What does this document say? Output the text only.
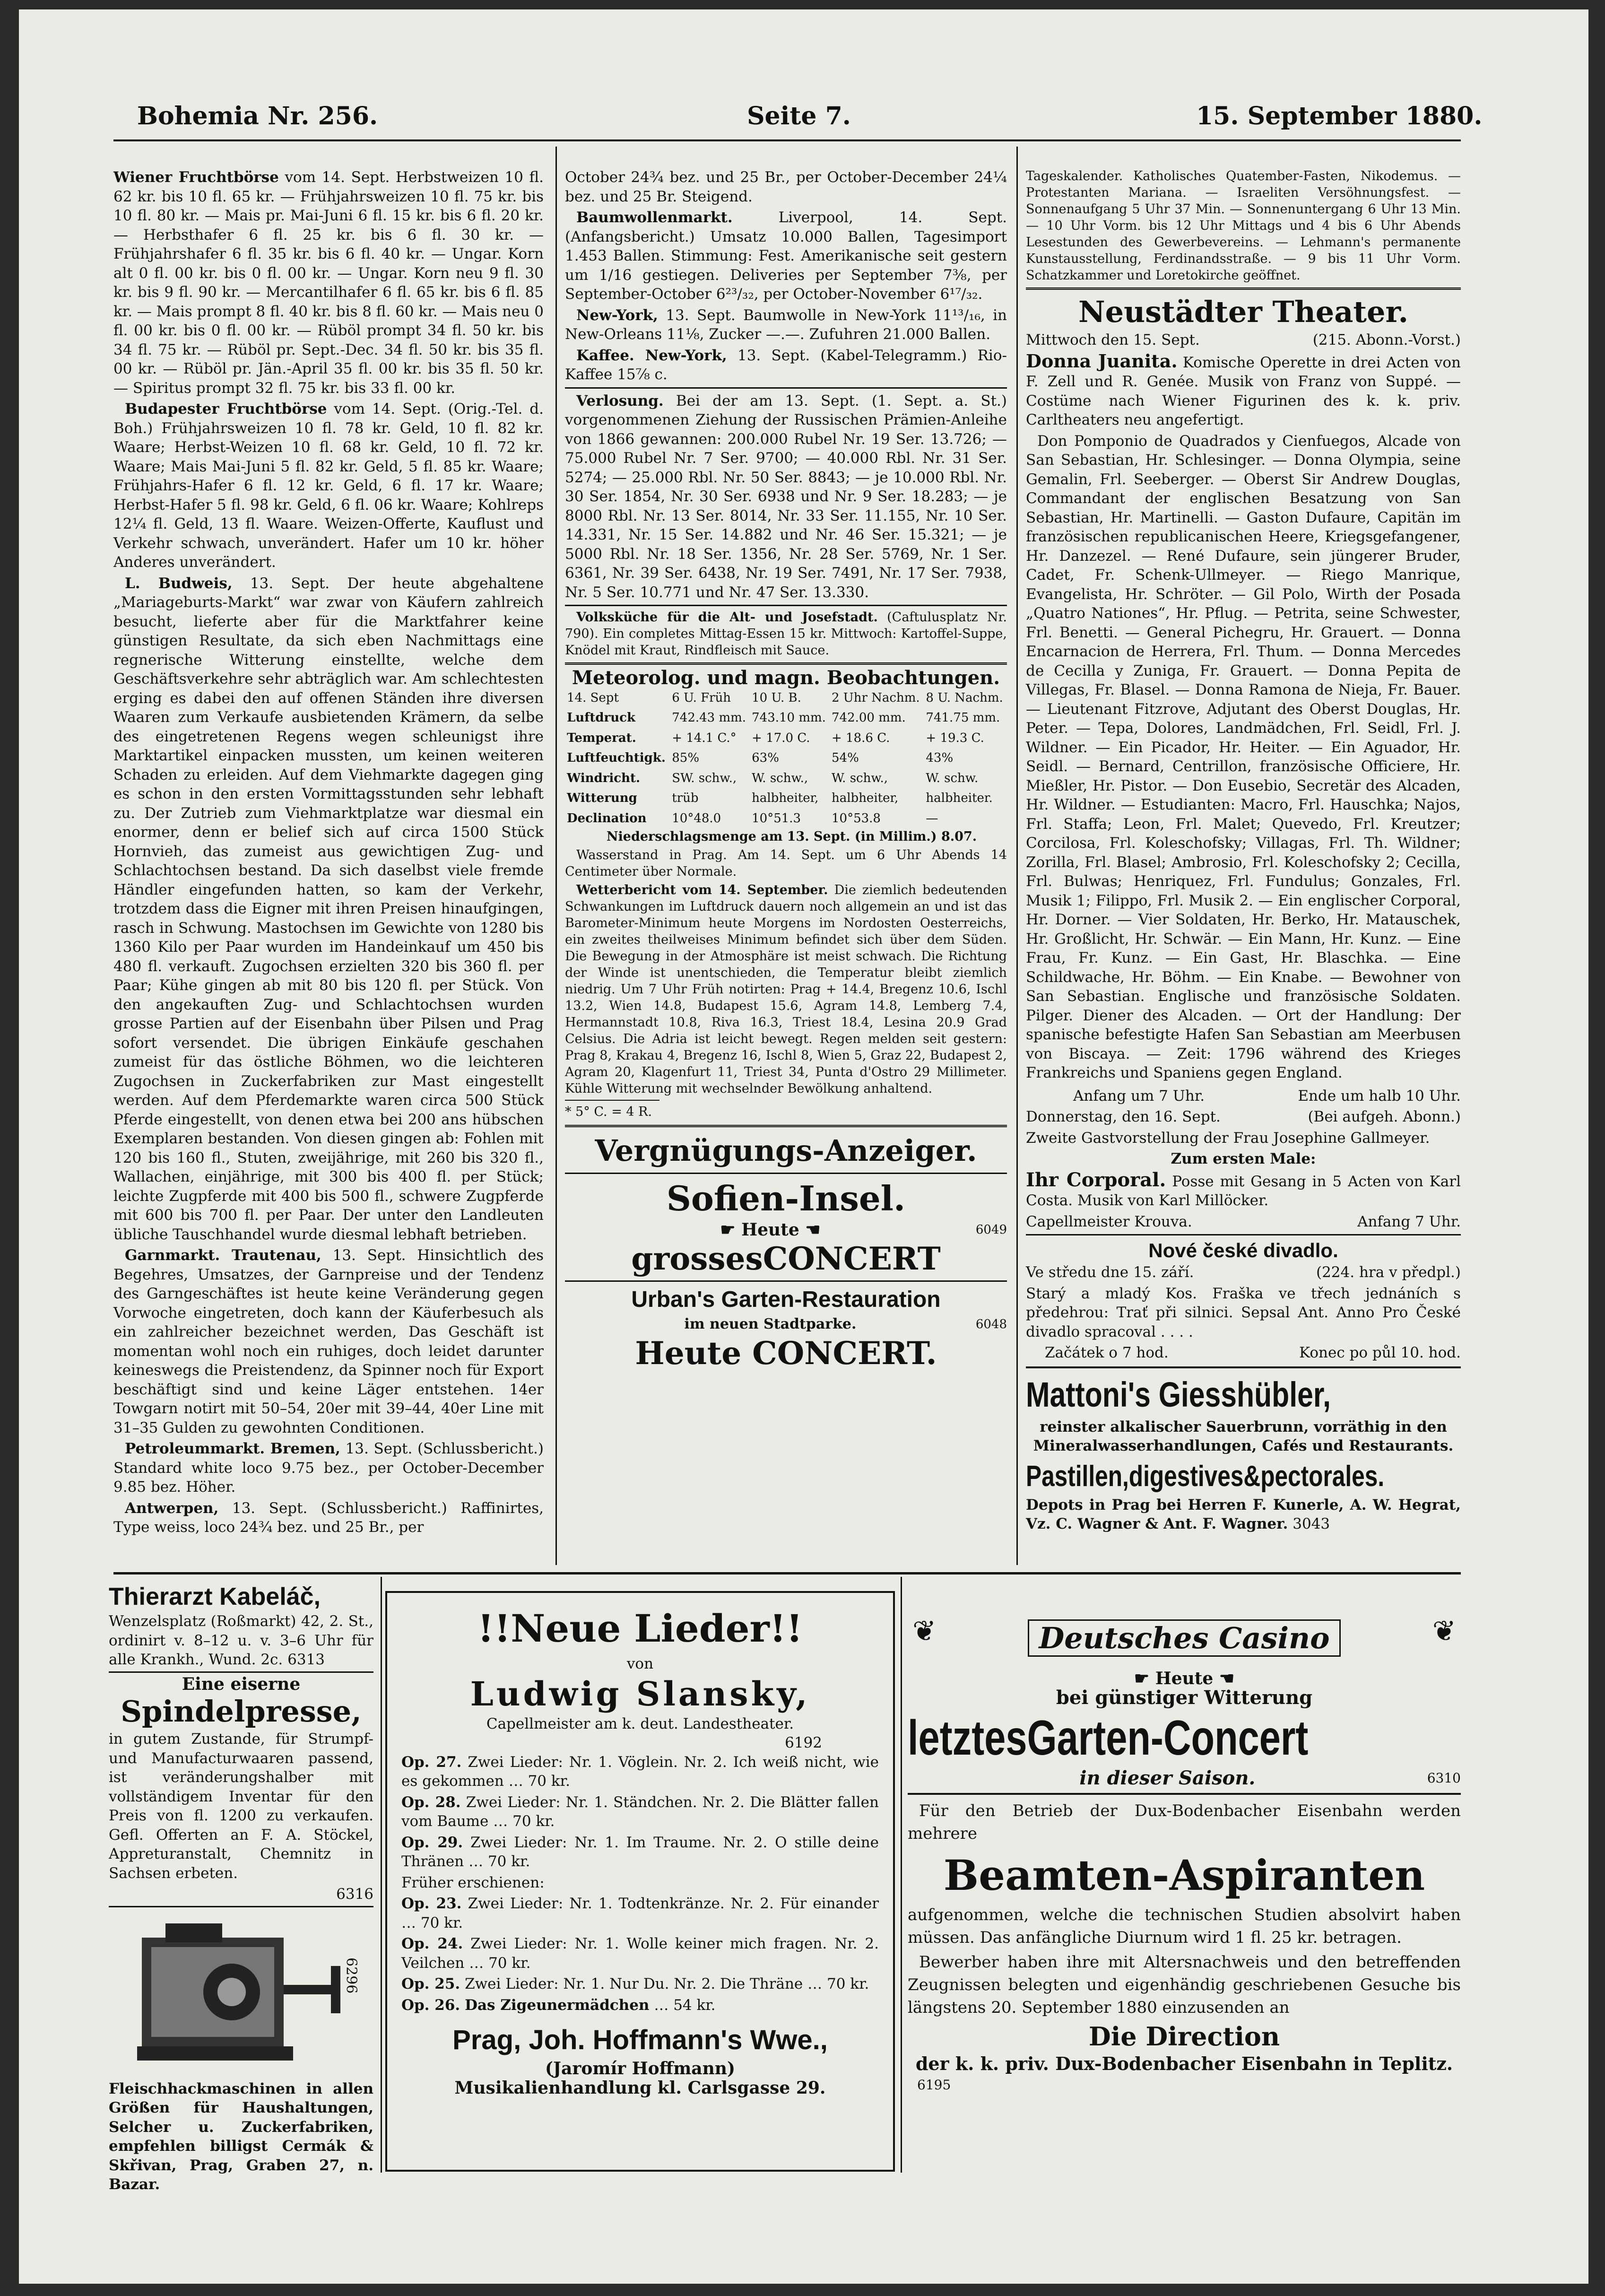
Bohemia Nr. 256.	Seite 7.	15. September 1880.

Wiener Fruchtbörse vom 14. Sept. Herbstweizen 10 fl. 62 kr. bis 10 fl. 65 kr. — Frühjahrsweizen 10 fl. 75 kr. bis 10 fl. 80 kr. — Mais pr. Mai-Juni 6 fl. 15 kr. bis 6 fl. 20 kr. — Herbsthafer 6 fl. 25 kr. bis 6 fl. 30 kr. — Frühjahrshafer 6 fl. 35 kr. bis 6 fl. 40 kr. — Ungar. Korn alt 0 fl. 00 kr. bis 0 fl. 00 kr. — Ungar. Korn neu 9 fl. 30 kr. bis 9 fl. 90 kr. — Mercantilhafer 6 fl. 65 kr. bis 6 fl. 85 kr. — Mais prompt 8 fl. 40 kr. bis 8 fl. 60 kr. — Mais neu 0 fl. 00 kr. bis 0 fl. 00 kr. — Rüböl prompt 34 fl. 50 kr. bis 34 fl. 75 kr. — Rüböl pr. Sept.-Dec. 34 fl. 50 kr. bis 35 fl. 00 kr. — Rüböl pr. Jän.-April 35 fl. 00 kr. bis 35 fl. 50 kr. — Spiritus prompt 32 fl. 75 kr. bis 33 fl. 00 kr.

Budapester Fruchtbörse vom 14. Sept. (Orig.-Tel. d. Boh.) Frühjahrsweizen 10 fl. 78 kr. Geld, 10 fl. 82 kr. Waare; Herbst-Weizen 10 fl. 68 kr. Geld, 10 fl. 72 kr. Waare; Mais Mai-Juni 5 fl. 82 kr. Geld, 5 fl. 85 kr. Waare; Frühjahrs-Hafer 6 fl. 12 kr. Geld, 6 fl. 17 kr. Waare; Herbst-Hafer 5 fl. 98 kr. Geld, 6 fl. 06 kr. Waare; Kohlreps 12¼ fl. Geld, 13 fl. Waare. Weizen-Offerte, Kauflust und Verkehr schwach, unverändert. Hafer um 10 kr. höher Anderes unverändert.

L. Budweis, 13. Sept. Der heute abgehaltene „Mariageburts-Markt“ war zwar von Käufern zahlreich besucht, lieferte aber für die Marktfahrer keine günstigen Resultate, da sich eben Nachmittags eine regnerische Witterung einstellte, welche dem Geschäftsverkehre sehr abträglich war. Am schlechtesten erging es dabei den auf offenen Ständen ihre diversen Waaren zum Verkaufe ausbietenden Krämern, da selbe des eingetretenen Regens wegen schleunigst ihre Marktartikel einpacken mussten, um keinen weiteren Schaden zu erleiden. Auf dem Viehmarkte dagegen ging es schon in den ersten Vormittagsstunden sehr lebhaft zu. Der Zutrieb zum Viehmarktplatze war diesmal ein enormer, denn er belief sich auf circa 1500 Stück Hornvieh, das zumeist aus gewichtigen Zug- und Schlachtochsen bestand. Da sich daselbst viele fremde Händler eingefunden hatten, so kam der Verkehr, trotzdem dass die Eigner mit ihren Preisen hinaufgingen, rasch in Schwung. Mastochsen im Gewichte von 1280 bis 1360 Kilo per Paar wurden im Handeinkauf um 450 bis 480 fl. verkauft. Zugochsen erzielten 320 bis 360 fl. per Paar; Kühe gingen ab mit 80 bis 120 fl. per Stück. Von den angekauften Zug- und Schlachtochsen wurden grosse Partien auf der Eisenbahn über Pilsen und Prag sofort versendet. Die übrigen Einkäufe geschahen zumeist für das östliche Böhmen, wo die leichteren Zugochsen in Zuckerfabriken zur Mast eingestellt werden. Auf dem Pferdemarkte waren circa 500 Stück Pferde eingestellt, von denen etwa bei 200 ans hübschen Exemplaren bestanden. Von diesen gingen ab: Fohlen mit 120 bis 160 fl., Stuten, zweijährige, mit 260 bis 320 fl., Wallachen, einjährige, mit 300 bis 400 fl. per Stück; leichte Zugpferde mit 400 bis 500 fl., schwere Zugpferde mit 600 bis 700 fl. per Paar. Der unter den Landleuten übliche Tauschhandel wurde diesmal lebhaft betrieben.

Garnmarkt. Trautenau, 13. Sept. Hinsichtlich des Begehres, Umsatzes, der Garnpreise und der Tendenz des Garngeschäftes ist heute keine Veränderung gegen Vorwoche eingetreten, doch kann der Käuferbesuch als ein zahlreicher bezeichnet werden, Das Geschäft ist momentan wohl noch ein ruhiges, doch leidet darunter keineswegs die Preistendenz, da Spinner noch für Export beschäftigt sind und keine Läger entstehen. 14er Towgarn notirt mit 50–54, 20er mit 39–44, 40er Line mit 31–35 Gulden zu gewohnten Conditionen.

Petroleummarkt. Bremen, 13. Sept. (Schlussbericht.) Standard white loco 9.75 bez., per October-December 9.85 bez. Höher.

Antwerpen, 13. Sept. (Schlussbericht.) Raffinirtes, Type weiss, loco 24¾ bez. und 25 Br., per

October 24¾ bez. und 25 Br., per October-December 24¼ bez. und 25 Br. Steigend.

Baumwollenmarkt. Liverpool, 14. Sept. (Anfangsbericht.) Umsatz 10.000 Ballen, Tagesimport 1.453 Ballen. Stimmung: Fest. Amerikanische seit gestern um 1/16 gestiegen. Deliveries per September 7⅜, per September-October 6²³/₃₂, per October-November 6¹⁷/₃₂.

New-York, 13. Sept. Baumwolle in New-York 11¹³/₁₆, in New-Orleans 11⅛, Zucker —.—. Zufuhren 21.000 Ballen.

Kaffee. New-York, 13. Sept. (Kabel-Telegramm.) Rio-Kaffee 15⅞ c.

Verlosung. Bei der am 13. Sept. (1. Sept. a. St.) vorgenommenen Ziehung der Russischen Prämien-Anleihe von 1866 gewannen: 200.000 Rubel Nr. 19 Ser. 13.726; — 75.000 Rubel Nr. 7 Ser. 9700; — 40.000 Rbl. Nr. 31 Ser. 5274; — 25.000 Rbl. Nr. 50 Ser. 8843; — je 10.000 Rbl. Nr. 30 Ser. 1854, Nr. 30 Ser. 6938 und Nr. 9 Ser. 18.283; — je 8000 Rbl. Nr. 13 Ser. 8014, Nr. 33 Ser. 11.155, Nr. 10 Ser. 14.331, Nr. 15 Ser. 14.882 und Nr. 46 Ser. 15.321; — je 5000 Rbl. Nr. 18 Ser. 1356, Nr. 28 Ser. 5769, Nr. 1 Ser. 6361, Nr. 39 Ser. 6438, Nr. 19 Ser. 7491, Nr. 17 Ser. 7938, Nr. 5 Ser. 10.771 und Nr. 47 Ser. 13.330.

Volksküche für die Alt- und Josefstadt. (Caftulusplatz Nr. 790). Ein completes Mittag-Essen 15 kr. Mittwoch: Kartoffel-Suppe, Knödel mit Kraut, Rindfleisch mit Sauce.

Meteorolog. und magn. Beobachtungen.
14. Sept	6 U. Früh	10 U. B.	2 Uhr Nachm.	8 U. Nachm.
Luftdruck	742.43 mm.	743.10 mm.	742.00 mm.	741.75 mm.
Temperat.	+ 14.1 C.°	+ 17.0 C.	+ 18.6 C.	+ 19.3 C.
Luftfeuchtigk.	85%	63%	54%	43%
Windricht.	SW. schw.,	W. schw.,	W. schw.,	W. schw.
Witterung	trüb	halbheiter,	halbheiter,	halbheiter.
Declination	10°48.0	10°51.3	10°53.8	—

Niederschlagsmenge am 13. Sept. (in Millim.) 8.07.

Wasserstand in Prag. Am 14. Sept. um 6 Uhr Abends 14 Centimeter über Normale.

Wetterbericht vom 14. September. Die ziemlich bedeutenden Schwankungen im Luftdruck dauern noch allgemein an und ist das Barometer-Minimum heute Morgens im Nordosten Oesterreichs, ein zweites theilweises Minimum befindet sich über dem Süden. Die Bewegung in der Atmosphäre ist meist schwach. Die Richtung der Winde ist unentschieden, die Temperatur bleibt ziemlich niedrig. Um 7 Uhr Früh notirten: Prag + 14.4, Bregenz 10.6, Ischl 13.2, Wien 14.8, Budapest 15.6, Agram 14.8, Lemberg 7.4, Hermannstadt 10.8, Riva 16.3, Triest 18.4, Lesina 20.9 Grad Celsius. Die Adria ist leicht bewegt. Regen melden seit gestern: Prag 8, Krakau 4, Bregenz 16, Ischl 8, Wien 5, Graz 22, Budapest 2, Agram 20, Klagenfurt 11, Triest 34, Punta d'Ostro 29 Millimeter. Kühle Witterung mit wechselnder Bewölkung anhaltend.

* 5° C. = 4 R.

Vergnügungs-Anzeiger.
Sofien-Insel.
☛ Heute ☚	6049
grossesCONCERT
Urban's Garten-Restauration
im neuen Stadtparke.	6048
Heute CONCERT.

Tageskalender. Katholisches Quatember-Fasten, Nikodemus. — Protestanten Mariana. — Israeliten Versöhnungsfest. — Sonnenaufgang 5 Uhr 37 Min. — Sonnenuntergang 6 Uhr 13 Min. — 10 Uhr Vorm. bis 12 Uhr Mittags und 4 bis 6 Uhr Abends Lesestunden des Gewerbevereins. — Lehmann's permanente Kunstausstellung, Ferdinandsstraße. — 9 bis 11 Uhr Vorm. Schatzkammer und Loretokirche geöffnet.

Neustädter Theater.

Mittwoch den 15. Sept.	(215. Abonn.-Vorst.)

Donna Juanita. Komische Operette in drei Acten von F. Zell und R. Genée. Musik von Franz von Suppé. — Costüme nach Wiener Figurinen des k. k. priv. Carltheaters neu angefertigt.

Don Pomponio de Quadrados y Cienfuegos, Alcade von San Sebastian, Hr. Schlesinger. — Donna Olympia, seine Gemalin, Frl. Seeberger. — Oberst Sir Andrew Douglas, Commandant der englischen Besatzung von San Sebastian, Hr. Martinelli. — Gaston Dufaure, Capitän im französischen republicanischen Heere, Kriegsgefangener, Hr. Danzezel. — René Dufaure, sein jüngerer Bruder, Cadet, Fr. Schenk-Ullmeyer. — Riego Manrique, Evangelista, Hr. Schröter. — Gil Polo, Wirth der Posada „Quatro Nationes“, Hr. Pflug. — Petrita, seine Schwester, Frl. Benetti. — General Pichegru, Hr. Grauert. — Donna Encarnacion de Herrera, Frl. Thum. — Donna Mercedes de Cecilla y Zuniga, Fr. Grauert. — Donna Pepita de Villegas, Fr. Blasel. — Donna Ramona de Nieja, Fr. Bauer. — Lieutenant Fitzrove, Adjutant des Oberst Douglas, Hr. Peter. — Tepa, Dolores, Landmädchen, Frl. Seidl, Frl. J. Wildner. — Ein Picador, Hr. Heiter. — Ein Aguador, Hr. Seidl. — Bernard, Centrillon, französische Officiere, Hr. Mießler, Hr. Pistor. — Don Eusebio, Secretär des Alcaden, Hr. Wildner. — Estudianten: Macro, Frl. Hauschka; Najos, Frl. Staffa; Leon, Frl. Malet; Quevedo, Frl. Kreutzer; Corcilosa, Frl. Koleschofsky; Villagas, Frl. Th. Wildner; Zorilla, Frl. Blasel; Ambrosio, Frl. Koleschofsky 2; Cecilla, Frl. Bulwas; Henriquez, Frl. Fundulus; Gonzales, Frl. Musik 1; Filippo, Frl. Musik 2. — Ein englischer Corporal, Hr. Dorner. — Vier Soldaten, Hr. Berko, Hr. Matauschek, Hr. Großlicht, Hr. Schwär. — Ein Mann, Hr. Kunz. — Eine Frau, Fr. Kunz. — Ein Gast, Hr. Blaschka. — Eine Schildwache, Hr. Böhm. — Ein Knabe. — Bewohner von San Sebastian. Englische und französische Soldaten. Pilger. Diener des Alcaden. — Ort der Handlung: Der spanische befestigte Hafen San Sebastian am Meerbusen von Biscaya. — Zeit: 1796 während des Krieges Frankreichs und Spaniens gegen England.

Anfang um 7 Uhr.	Ende um halb 10 Uhr.

Donnerstag, den 16. Sept.	(Bei aufgeh. Abonn.)

Zweite Gastvorstellung der Frau Josephine Gallmeyer.

Zum ersten Male:

Ihr Corporal. Posse mit Gesang in 5 Acten von Karl Costa. Musik von Karl Millöcker.

Capellmeister Krouva.	Anfang 7 Uhr.

Nové české divadlo.

Ve středu dne 15. září.	(224. hra v předpl.)

Starý a mladý Kos. Fraška ve třech jednáních s předehrou: Trať při silnici. Sepsal Ant. Anno Pro České divadlo spracoval . . . .

Začátek o 7 hod.	Konec po půl 10. hod.

Mattoni's Giesshübler,

reinster alkalischer Sauerbrunn, vorräthig in den Mineralwasserhandlungen, Cafés und Restaurants.

Pastillen,digestives&pectorales.

Depots in Prag bei Herren F. Kunerle, A. W. Hegrat, Vz. C. Wagner & Ant. F. Wagner. 3043

Thierarzt Kabeláč,

Wenzelsplatz (Roßmarkt) 42, 2. St., ordinirt v. 8–12 u. v. 3–6 Uhr für alle Krankh., Wund. 2c. 6313

Eine eiserne
Spindelpresse,

in gutem Zustande, für Strumpf- und Manufacturwaaren passend, ist veränderungshalber mit vollständigem Inventar für den Preis von fl. 1200 zu verkaufen. Gefl. Offerten an F. A. Stöckel, Appreturanstalt, Chemnitz in Sachsen erbeten.

6316

6296

Fleischhackmaschinen in allen Größen für Haushaltungen, Selcher u. Zuckerfabriken, empfehlen billigst Cermák & Skřivan, Prag, Graben 27, n. Bazar.

!!Neue Lieder!!
von
Ludwig Slansky,
Capellmeister am k. deut. Landestheater.
6192

Op. 27. Zwei Lieder: Nr. 1. Vöglein. Nr. 2. Ich weiß nicht, wie es gekommen … 70 kr.

Op. 28. Zwei Lieder: Nr. 1. Ständchen. Nr. 2. Die Blätter fallen vom Baume … 70 kr.

Op. 29. Zwei Lieder: Nr. 1. Im Traume. Nr. 2. O stille deine Thränen … 70 kr.

Früher erschienen:

Op. 23. Zwei Lieder: Nr. 1. Todtenkränze. Nr. 2. Für einander … 70 kr.

Op. 24. Zwei Lieder: Nr. 1. Wolle keiner mich fragen. Nr. 2. Veilchen … 70 kr.

Op. 25. Zwei Lieder: Nr. 1. Nur Du. Nr. 2. Die Thräne … 70 kr.

Op. 26. Das Zigeunermädchen … 54 kr.

Prag, Joh. Hoffmann's Wwe.,
(Jaromír Hoffmann)
Musikalienhandlung kl. Carlsgasse 29.
❦	Deutsches Casino	❦
☛ Heute ☚
bei günstiger Witterung
letztesGarten-Concert
in dieser Saison.	6310

Für den Betrieb der Dux-Bodenbacher Eisenbahn werden mehrere

Beamten-Aspiranten

aufgenommen, welche die technischen Studien absolvirt haben müssen. Das anfängliche Diurnum wird 1 fl. 25 kr. betragen.

Bewerber haben ihre mit Altersnachweis und den betreffenden Zeugnissen belegten und eigenhändig geschriebenen Gesuche bis längstens 20. September 1880 einzusenden an

Die Direction
der k. k. priv. Dux-Bodenbacher Eisenbahn in Teplitz.
6195
